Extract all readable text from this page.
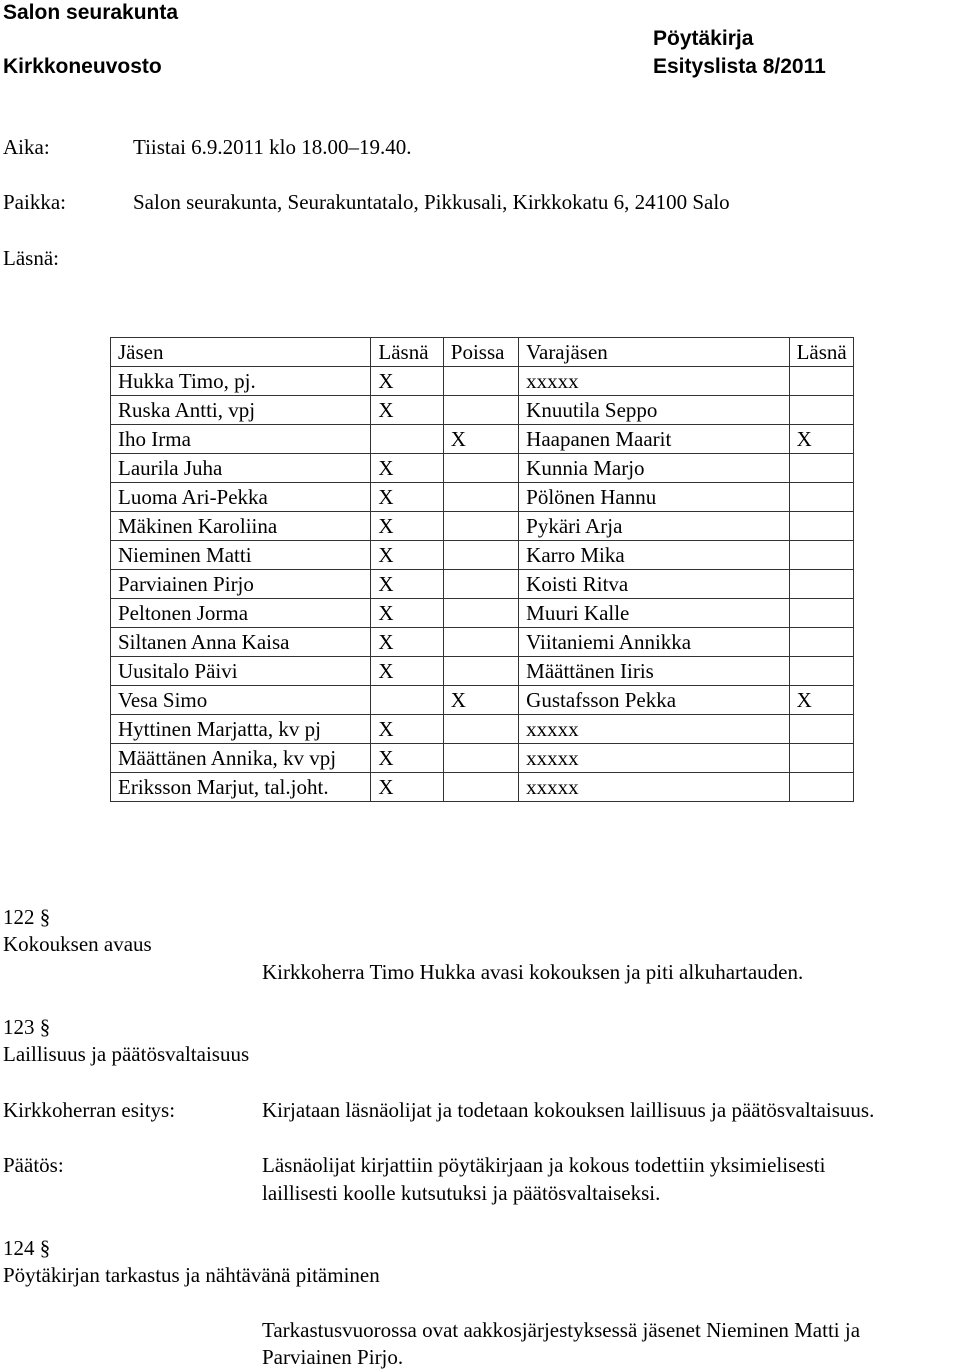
Salon seurakunta
Kirkkoneuvosto
Pöytäkirja
Esityslista 8/2011
Aika:	Tiistai 6.9.2011 klo 18.00–19.40.
Paikka:	Salon seurakunta, Seurakuntatalo, Pikkusali, Kirkkokatu 6, 24100 Salo
Läsnä:
Jäsen	Läsnä	Poissa	Varajäsen	Läsnä
Hukka Timo, pj.	X		xxxxx	
Ruska Antti, vpj	X		Knuutila Seppo	
Iho Irma		X	Haapanen Maarit	X
Laurila Juha	X		Kunnia Marjo	
Luoma Ari-Pekka	X		Pölönen Hannu	
Mäkinen Karoliina	X		Pykäri Arja	
Nieminen Matti	X		Karro Mika	
Parviainen Pirjo	X		Koisti Ritva	
Peltonen Jorma	X		Muuri Kalle	
Siltanen Anna Kaisa	X		Viitaniemi Annikka	
Uusitalo Päivi	X		Määttänen Iiris	
Vesa Simo		X	Gustafsson Pekka	X
Hyttinen Marjatta, kv pj	X		xxxxx	
Määttänen Annika, kv vpj	X		xxxxx	
Eriksson Marjut, tal.joht.	X		xxxxx	
122 §
Kokouksen avaus
Kirkkoherra Timo Hukka avasi kokouksen ja piti alkuhartauden.
123 §
Laillisuus ja päätösvaltaisuus
Kirkkoherran esitys:	Kirjataan läsnäolijat ja todetaan kokouksen laillisuus ja päätösvaltaisuus.
Päätös:	Läsnäolijat kirjattiin pöytäkirjaan ja kokous todettiin yksimielisesti
laillisesti koolle kutsutuksi ja päätösvaltaiseksi.
124 §
Pöytäkirjan tarkastus ja nähtävänä pitäminen
Tarkastusvuorossa ovat aakkosjärjestyksessä jäsenet Nieminen Matti ja
Parviainen Pirjo.
